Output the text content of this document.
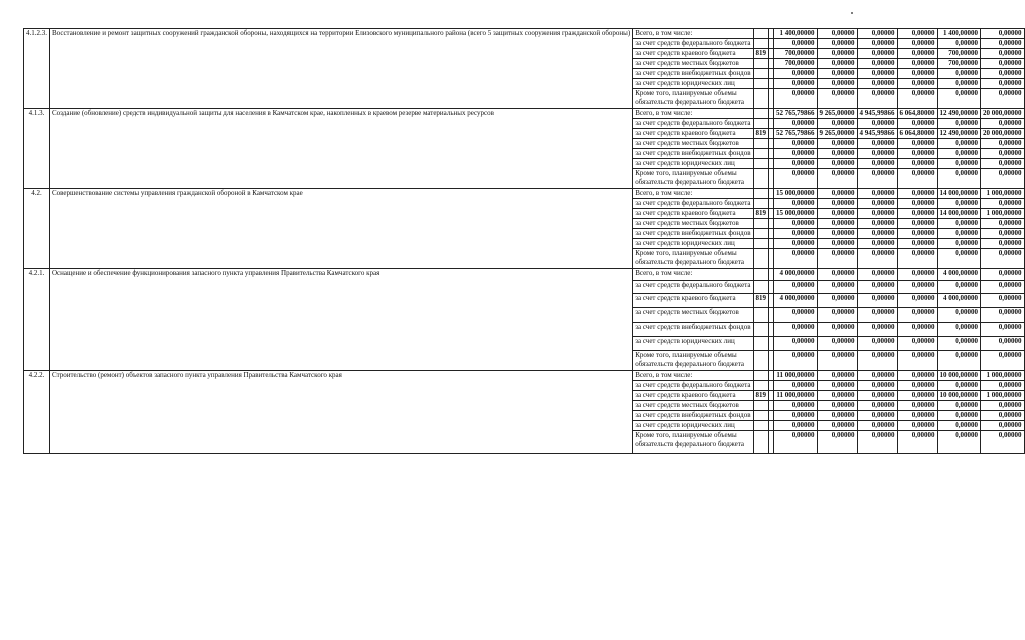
4.1.2.3.	Восстановление и ремонт защитных сооружений гражданской обороны, находящихся на территории Елизовского муниципального района (всего 5 защитных сооружения гражданской обороны)	Всего, в том числе:			1 400,00000	0,00000	0,00000	0,00000	1 400,00000	0,00000
		за счет средств федерального бюджета			0,00000	0,00000	0,00000	0,00000	0,00000	0,00000
		за счет средств краевого бюджета	819		700,00000	0,00000	0,00000	0,00000	700,00000	0,00000
		за счет средств местных бюджетов			700,00000	0,00000	0,00000	0,00000	700,00000	0,00000
		за счет средств внебюджетных фондов			0,00000	0,00000	0,00000	0,00000	0,00000	0,00000
		за счет средств юридических лиц			0,00000	0,00000	0,00000	0,00000	0,00000	0,00000
		Кроме того, планируемые объемы обязательств федерального бюджета			0,00000	0,00000	0,00000	0,00000	0,00000	0,00000
4.1.3.	Создание (обновление) средств индивидуальной защиты для населения в Камчатском крае, накопленных в краевом резерве материальных ресурсов	Всего, в том числе:			52 765,79866	9 265,00000	4 945,99866	6 064,80000	12 490,00000	20 000,00000
		за счет средств федерального бюджета			0,00000	0,00000	0,00000	0,00000	0,00000	0,00000
		за счет средств краевого бюджета	819		52 765,79866	9 265,00000	4 945,99866	6 064,80000	12 490,00000	20 000,00000
		за счет средств местных бюджетов			0,00000	0,00000	0,00000	0,00000	0,00000	0,00000
		за счет средств внебюджетных фондов			0,00000	0,00000	0,00000	0,00000	0,00000	0,00000
		за счет средств юридических лиц			0,00000	0,00000	0,00000	0,00000	0,00000	0,00000
		Кроме того, планируемые объемы обязательств федерального бюджета			0,00000	0,00000	0,00000	0,00000	0,00000	0,00000
4.2.	Совершенствование системы управления гражданской обороной в Камчатском крае	Всего, в том числе:			15 000,00000	0,00000	0,00000	0,00000	14 000,00000	1 000,00000
		за счет средств федерального бюджета			0,00000	0,00000	0,00000	0,00000	0,00000	0,00000
		за счет средств краевого бюджета	819		15 000,00000	0,00000	0,00000	0,00000	14 000,00000	1 000,00000
		за счет средств местных бюджетов			0,00000	0,00000	0,00000	0,00000	0,00000	0,00000
		за счет средств внебюджетных фондов			0,00000	0,00000	0,00000	0,00000	0,00000	0,00000
		за счет средств юридических лиц			0,00000	0,00000	0,00000	0,00000	0,00000	0,00000
		Кроме того, планируемые объемы обязательств федерального бюджета			0,00000	0,00000	0,00000	0,00000	0,00000	0,00000
4.2.1.	Оснащение и обеспечение функционирования запасного пункта управления Правительства Камчатского края	Всего, в том числе:			4 000,00000	0,00000	0,00000	0,00000	4 000,00000	0,00000
		за счет средств федерального бюджета			0,00000	0,00000	0,00000	0,00000	0,00000	0,00000
		за счет средств краевого бюджета	819		4 000,00000	0,00000	0,00000	0,00000	4 000,00000	0,00000
		за счет средств местных бюджетов			0,00000	0,00000	0,00000	0,00000	0,00000	0,00000
		за счет средств внебюджетных фондов			0,00000	0,00000	0,00000	0,00000	0,00000	0,00000
		за счет средств юридических лиц			0,00000	0,00000	0,00000	0,00000	0,00000	0,00000
		Кроме того, планируемые объемы обязательств федерального бюджета			0,00000	0,00000	0,00000	0,00000	0,00000	0,00000
4.2.2.	Строительство (ремонт) объектов запасного пункта управления Правительства Камчатского края	Всего, в том числе:			11 000,00000	0,00000	0,00000	0,00000	10 000,00000	1 000,00000
		за счет средств федерального бюджета			0,00000	0,00000	0,00000	0,00000	0,00000	0,00000
		за счет средств краевого бюджета	819		11 000,00000	0,00000	0,00000	0,00000	10 000,00000	1 000,00000
		за счет средств местных бюджетов			0,00000	0,00000	0,00000	0,00000	0,00000	0,00000
		за счет средств внебюджетных фондов			0,00000	0,00000	0,00000	0,00000	0,00000	0,00000
		за счет средств юридических лиц			0,00000	0,00000	0,00000	0,00000	0,00000	0,00000
		Кроме того, планируемые объемы обязательств федерального бюджета			0,00000	0,00000	0,00000	0,00000	0,00000	0,00000
